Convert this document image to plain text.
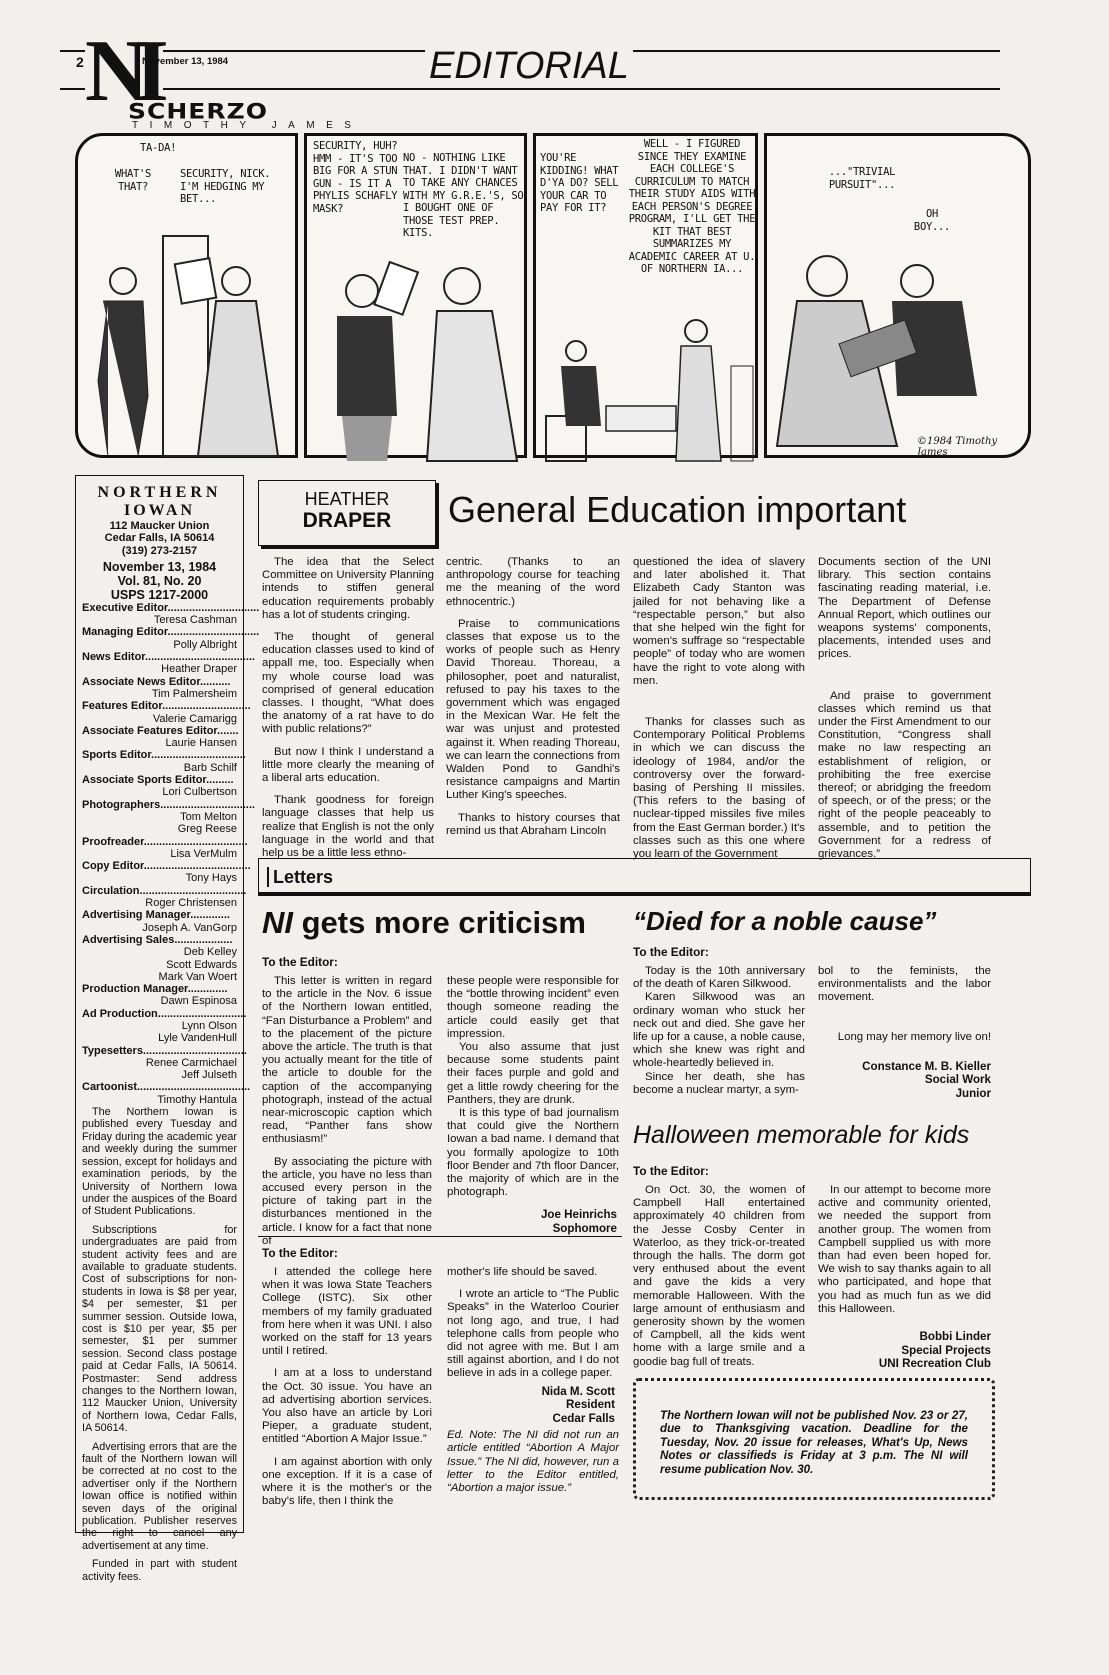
NI
2	November 13, 1984	EDITORIAL
SCHERZO
TIMOTHY JAMES
TA-DA!
WHAT'S THAT?
SECURITY, NICK. I'M HEDGING MY BET...
SECURITY, HUH? HMM - IT'S TOO BIG FOR A STUN GUN - IS IT A PHYLIS SCHAFLY MASK?
NO - NOTHING LIKE THAT. I DIDN'T WANT TO TAKE ANY CHANCES WITH MY G.R.E.'S, SO I BOUGHT ONE OF THOSE TEST PREP. KITS.
YOU'RE KIDDING! WHAT D'YA DO? SELL YOUR CAR TO PAY FOR IT?
WELL - I FIGURED SINCE THEY EXAMINE EACH COLLEGE'S CURRICULUM TO MATCH THEIR STUDY AIDS WITH EACH PERSON'S DEGREE PROGRAM, I'LL GET THE KIT THAT BEST SUMMARIZES MY ACADEMIC CAREER AT U. OF NORTHERN IA...
..."TRIVIAL PURSUIT"...
OH BOY...
©1984 Timothy James
NORTHERN
IOWAN
112 Maucker Union
Cedar Falls, IA 50614
(319) 273-2157
November 13, 1984
Vol. 81, No. 20
USPS 1217-2000
Executive Editor..............................
Teresa Cashman
Managing Editor..............................
Polly Albright
News Editor....................................
Heather Draper
Associate News Editor..........
Tim Palmersheim
Features Editor.............................
Valerie Camarigg
Associate Features Editor.......
Laurie Hansen
Sports Editor...............................
Barb Schilf
Associate Sports Editor.........
Lori Culbertson
Photographers...............................
Tom Melton
Greg Reese
Proofreader..................................
Lisa VerMulm
Copy Editor...................................
Tony Hays
Circulation...................................
Roger Christensen
Advertising Manager.............
Joseph A. VanGorp
Advertising Sales...................
Deb Kelley
Scott Edwards
Mark Van Woert
Production Manager.............
Dawn Espinosa
Ad Production.............................
Lynn Olson
Lyle VandenHull
Typesetters..................................
Renee Carmichael
Jeff Julseth
Cartoonist.....................................
Timothy Hantula

The Northern Iowan is published every Tuesday and Friday during the academic year and weekly during the summer session, except for holidays and examination periods, by the University of Northern Iowa under the auspices of the Board of Student Publications.

Subscriptions for undergraduates are paid from student activity fees and are available to graduate students. Cost of subscriptions for non-students in Iowa is $8 per year, $4 per semester, $1 per summer session. Outside Iowa, cost is $10 per year, $5 per semester, $1 per summer session. Second class postage paid at Cedar Falls, IA 50614. Postmaster: Send address changes to the Northern Iowan, 112 Maucker Union, University of Northern Iowa, Cedar Falls, IA 50614.

Advertising errors that are the fault of the Northern Iowan will be corrected at no cost to the advertiser only if the Northern Iowan office is notified within seven days of the original publication. Publisher reserves the right to cancel any advertisement at any time.

Funded in part with student activity fees.

HEATHER
DRAPER	General Education important

The idea that the Select Committee on University Planning intends to stiffen general education requirements probably has a lot of students cringing.

The thought of general education classes used to kind of appall me, too. Especially when my whole course load was comprised of general education classes. I thought, “What does the anatomy of a rat have to do with public relations?”

But now I think I understand a little more clearly the meaning of a liberal arts education.

Thank goodness for foreign language classes that help us realize that English is not the only language in the world and that help us be a little less ethno-

centric. (Thanks to an anthropology course for teaching me the meaning of the word ethnocentric.)

Praise to communications classes that expose us to the works of people such as Henry David Thoreau. Thoreau, a philosopher, poet and naturalist, refused to pay his taxes to the government which was engaged in the Mexican War. He felt the war was unjust and protested against it. When reading Thoreau, we can learn the connections from Walden Pond to Gandhi's resistance campaigns and Martin Luther King's speeches.

Thanks to history courses that remind us that Abraham Lincoln

questioned the idea of slavery and later abolished it. That Elizabeth Cady Stanton was jailed for not behaving like a “respectable person,” but also that she helped win the fight for women's suffrage so “respectable people” of today who are women have the right to vote along with men.

Thanks for classes such as Contemporary Political Problems in which we can discuss the ideology of 1984, and/or the controversy over the forward-basing of Pershing II missiles. (This refers to the basing of nuclear-tipped missiles five miles from the East German border.) It's classes such as this one where you learn of the Government

Documents section of the UNI library. This section contains fascinating reading material, i.e. The Department of Defense Annual Report, which outlines our weapons systems' components, placements, intended uses and prices.

And praise to government classes which remind us that under the First Amendment to our Constitution, “Congress shall make no law respecting an establishment of religion, or prohibiting the free exercise thereof; or abridging the freedom of speech, or of the press; or the right of the people peaceably to assemble, and to petition the Government for a redress of grievances.”

Letters
NI gets more criticism
To the Editor:

This letter is written in regard to the article in the Nov. 6 issue of the Northern Iowan entitled, “Fan Disturbance a Problem” and to the placement of the picture above the article. The truth is that you actually meant for the title of the article to double for the caption of the accompanying photograph, instead of the actual near-microscopic caption which read, “Panther fans show enthusiasm!”

By associating the picture with the article, you have no less than accused every person in the picture of taking part in the disturbances mentioned in the article. I know for a fact that none of

these people were responsible for the “bottle throwing incident” even though someone reading the article could easily get that impression.

You also assume that just because some students paint their faces purple and gold and get a little rowdy cheering for the Panthers, they are drunk.

It is this type of bad journalism that could give the Northern Iowan a bad name. I demand that you formally apologize to 10th floor Bender and 7th floor Dancer, the majority of which are in the photograph.

Joe Heinrichs
Sophomore
To the Editor:

I attended the college here when it was Iowa State Teachers College (ISTC). Six other members of my family graduated from here when it was UNI. I also worked on the staff for 13 years until I retired.

I am at a loss to understand the Oct. 30 issue. You have an ad advertising abortion services. You also have an article by Lori Pieper, a graduate student, entitled “Abortion A Major Issue.”

I am against abortion with only one exception. If it is a case of where it is the mother's or the baby's life, then I think the

mother's life should be saved.

I wrote an article to “The Public Speaks” in the Waterloo Courier not long ago, and true, I had telephone calls from people who did not agree with me. But I am still against abortion, and I do not believe in ads in a college paper.

Nida M. Scott
Resident
Cedar Falls

Ed. Note: The NI did not run an article entitled “Abortion A Major Issue.” The NI did, however, run a letter to the Editor entitled, “Abortion a major issue.”

“Died for a noble cause”
To the Editor:

Today is the 10th anniversary of the death of Karen Silkwood.

Karen Silkwood was an ordinary woman who stuck her neck out and died. She gave her life up for a cause, a noble cause, which she knew was right and whole-heartedly believed in.

Since her death, she has become a nuclear martyr, a sym-

bol to the feminists, the environmentalists and the labor movement.

Long may her memory live on!

Constance M. B. Kieller
Social Work
Junior
Halloween memorable for kids
To the Editor:

On Oct. 30, the women of Campbell Hall entertained approximately 40 children from the Jesse Cosby Center in Waterloo, as they trick-or-treated through the halls. The dorm got very enthused about the event and gave the kids a very memorable Halloween. With the large amount of enthusiasm and generosity shown by the women of Campbell, all the kids went home with a large smile and a goodie bag full of treats.

In our attempt to become more active and community oriented, we needed the support from another group. The women from Campbell supplied us with more than had even been hoped for. We wish to say thanks again to all who participated, and hope that you had as much fun as we did this Halloween.

Bobbi Linder
Special Projects
UNI Recreation Club

The Northern Iowan will not be published Nov. 23 or 27, due to Thanksgiving vacation. Deadline for the Tuesday, Nov. 20 issue for releases, What's Up, News Notes or classifieds is Friday at 3 p.m. The NI will resume publication Nov. 30.
